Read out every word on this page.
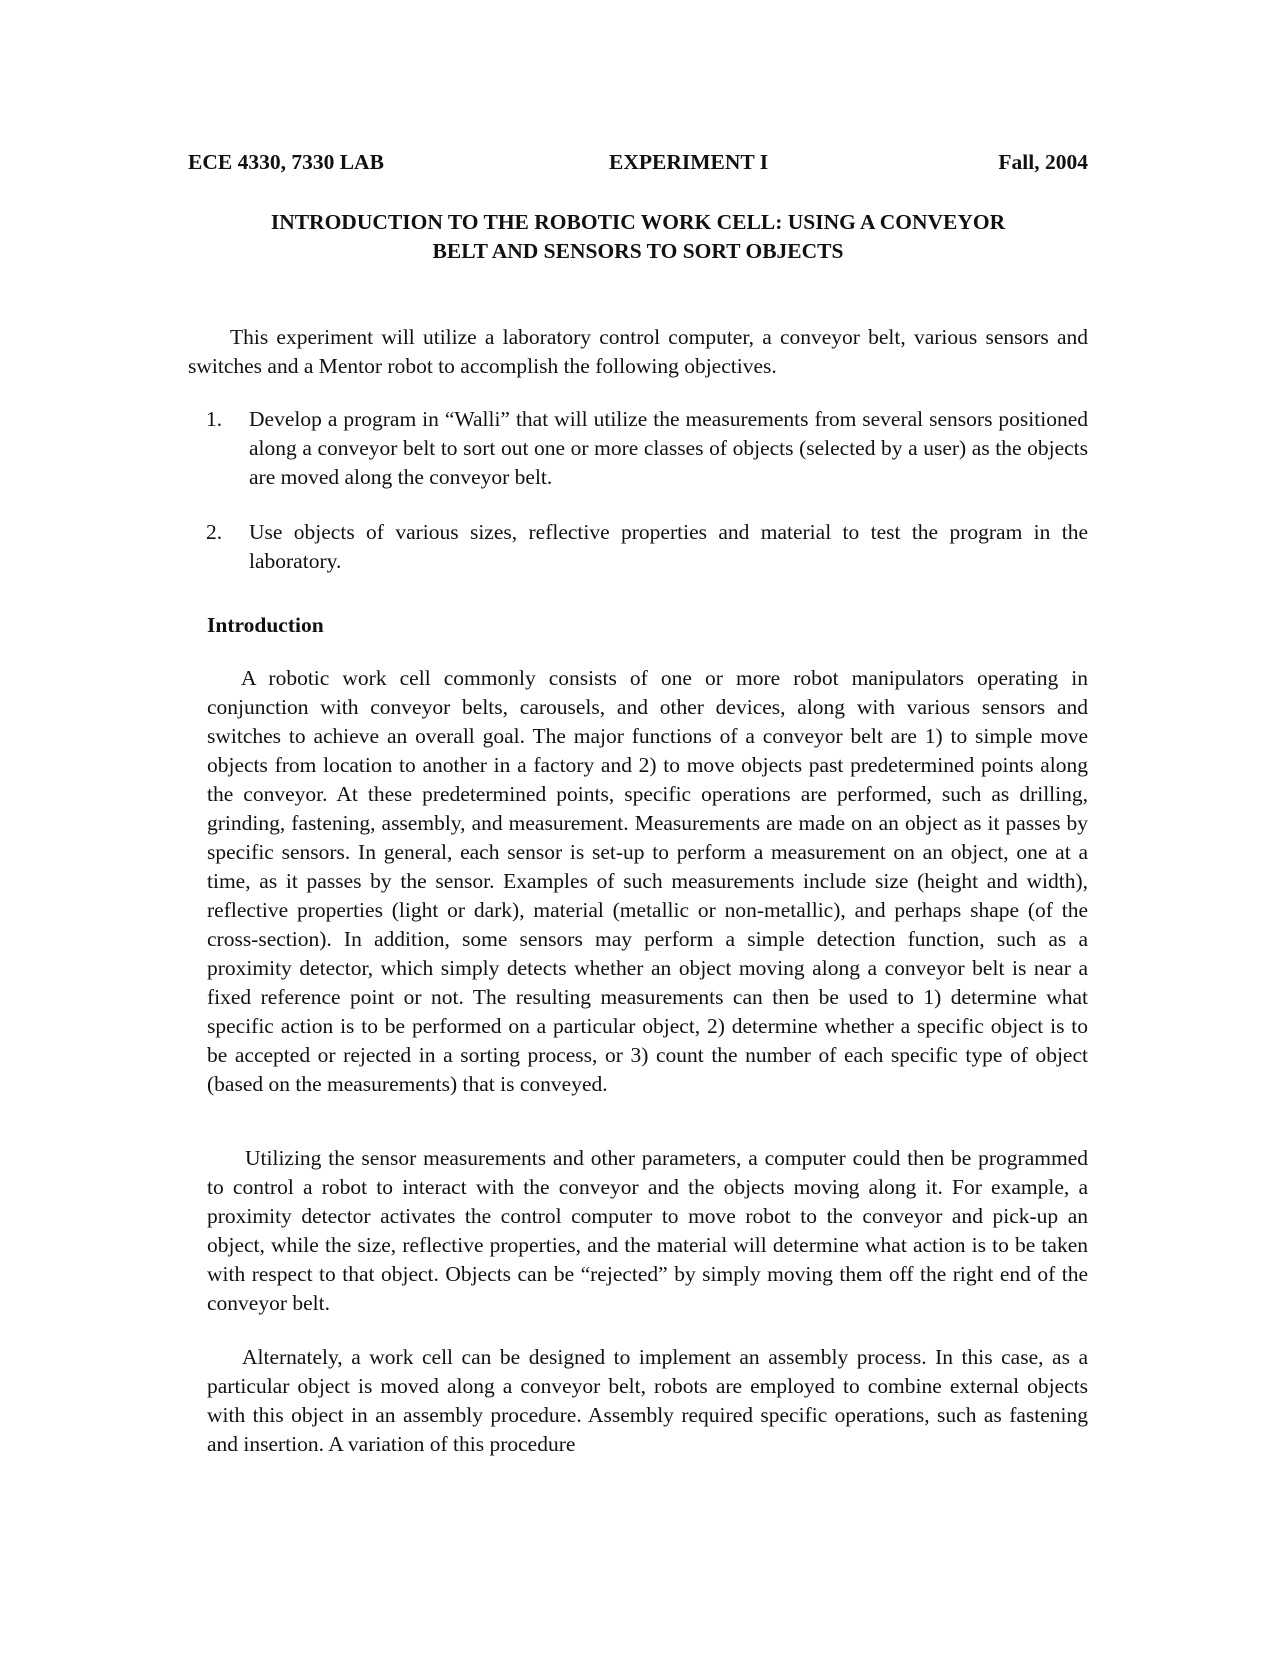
ECE 4330, 7330 LAB	EXPERIMENT I	Fall, 2004
INTRODUCTION TO THE ROBOTIC WORK CELL: USING A CONVEYOR
BELT AND SENSORS TO SORT OBJECTS

This experiment will utilize a laboratory control computer, a conveyor belt, various sensors and switches and a Mentor robot to accomplish the following objectives.

1. Develop a program in “Walli” that will utilize the measurements from several sensors positioned along a conveyor belt to sort out one or more classes of objects (selected by a user) as the objects are moved along the conveyor belt.

2. Use objects of various sizes, reflective properties and material to test the program in the laboratory.

Introduction

A robotic work cell commonly consists of one or more robot manipulators operating in conjunction with conveyor belts, carousels, and other devices, along with various sensors and switches to achieve an overall goal. The major functions of a conveyor belt are 1) to simple move objects from location to another in a factory and 2) to move objects past predetermined points along the conveyor. At these predetermined points, specific operations are performed, such as drilling, grinding, fastening, assembly, and measurement. Measurements are made on an object as it passes by specific sensors. In general, each sensor is set-up to perform a measurement on an object, one at a time, as it passes by the sensor. Examples of such measurements include size (height and width), reflective properties (light or dark), material (metallic or non-metallic), and perhaps shape (of the cross-section). In addition, some sensors may perform a simple detection function, such as a proximity detector, which simply detects whether an object moving along a conveyor belt is near a fixed reference point or not. The resulting measurements can then be used to 1) determine what specific action is to be performed on a particular object, 2) determine whether a specific object is to be accepted or rejected in a sorting process, or 3) count the number of each specific type of object (based on the measurements) that is conveyed.

Utilizing the sensor measurements and other parameters, a computer could then be programmed to control a robot to interact with the conveyor and the objects moving along it. For example, a proximity detector activates the control computer to move robot to the conveyor and pick-up an object, while the size, reflective properties, and the material will determine what action is to be taken with respect to that object. Objects can be “rejected” by simply moving them off the right end of the conveyor belt.

Alternately, a work cell can be designed to implement an assembly process. In this case, as a particular object is moved along a conveyor belt, robots are employed to combine external objects with this object in an assembly procedure. Assembly required specific operations, such as fastening and insertion. A variation of this procedure
